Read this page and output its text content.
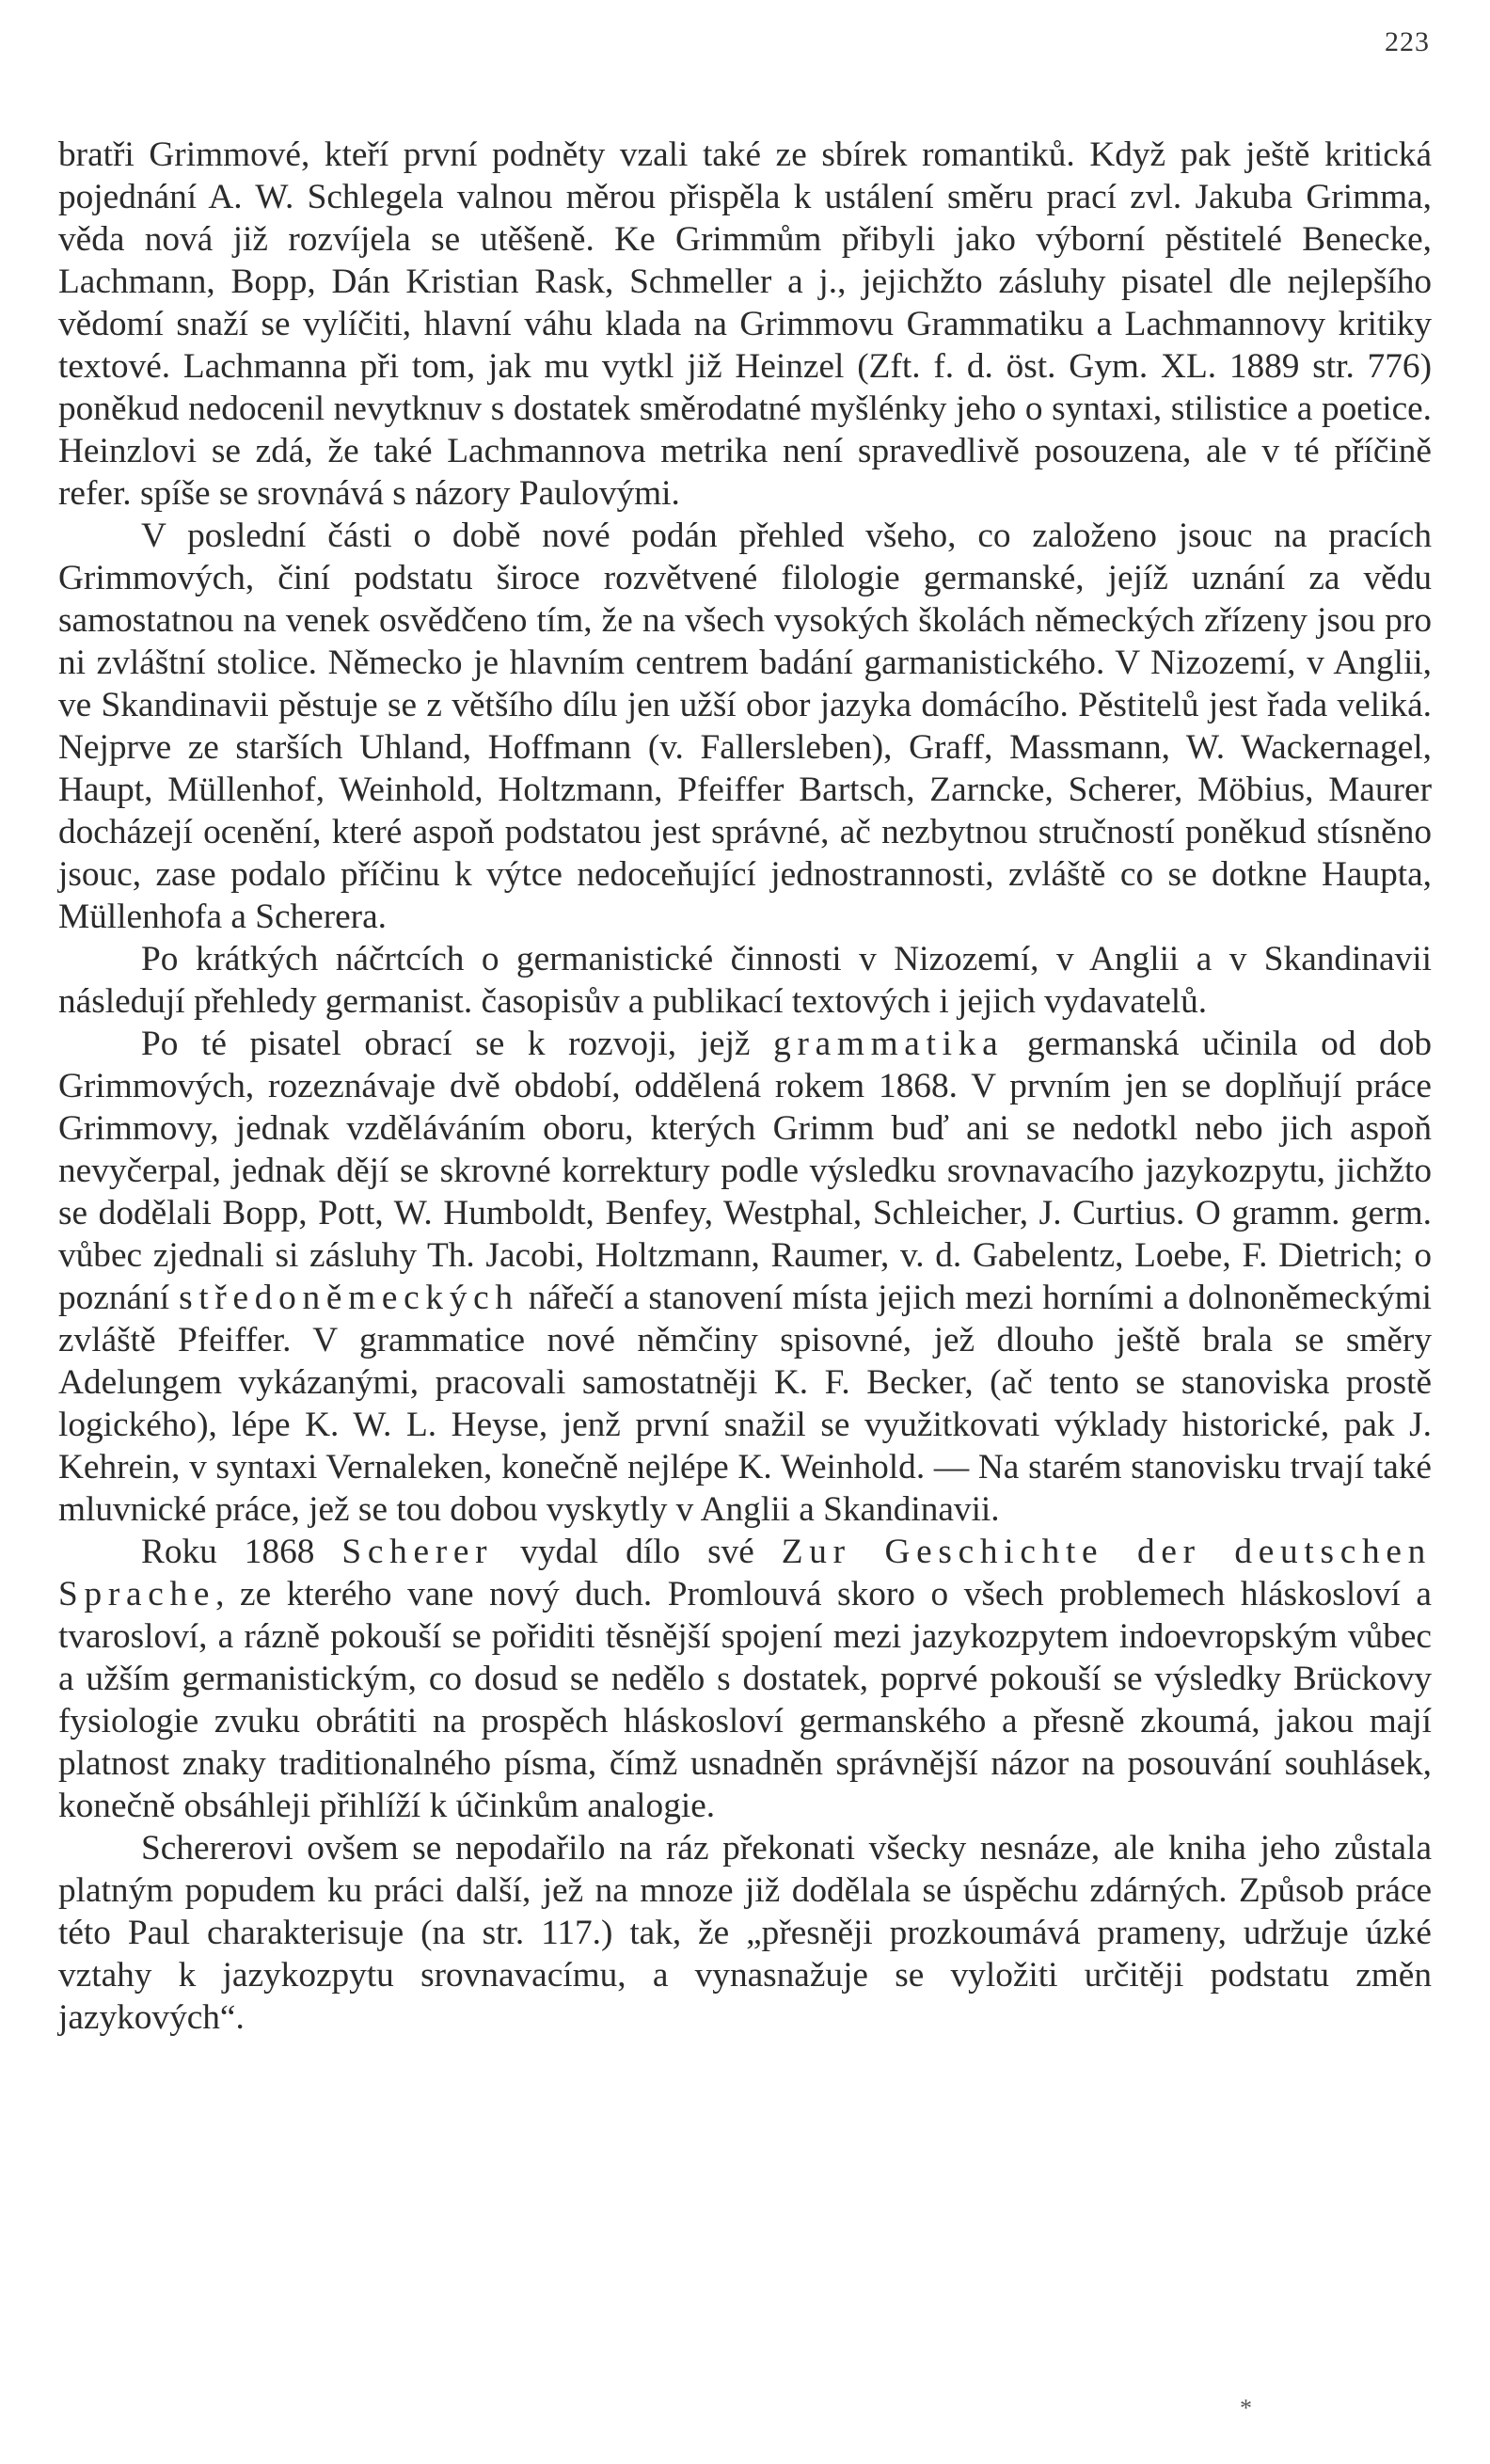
223

bratři Grimmové, kteří první podněty vzali také ze sbírek romantiků. Když pak ještě kritická pojednání A. W. Schlegela valnou měrou přispěla k ustálení směru prací zvl. Jakuba Grimma, věda nová již rozvíjela se utěšeně. Ke Grimmům přibyli jako výborní pěstitelé Benecke, Lachmann, Bopp, Dán Kristian Rask, Schmeller a j., jejichžto zásluhy pisatel dle nejlepšího vědomí snaží se vylíčiti, hlavní váhu klada na Grimmovu Grammatiku a Lachmannovy kritiky textové. Lachmanna při tom, jak mu vytkl již Heinzel (Zft. f. d. öst. Gym. XL. 1889 str. 776) poněkud nedocenil nevytknuv s dostatek směrodatné myšlénky jeho o syntaxi, stilistice a poetice. Heinzlovi se zdá, že také Lachmannova metrika není spravedlivě posouzena, ale v té příčině refer. spíše se srovnává s názory Paulovými.

V poslední části o době nové podán přehled všeho, co založeno jsouc na pracích Grimmových, činí podstatu široce rozvětvené filologie germanské, jejíž uznání za vědu samostatnou na venek osvědčeno tím, že na všech vysokých školách německých zřízeny jsou pro ni zvláštní stolice. Německo je hlavním centrem badání garmanistického. V Nizozemí, v Anglii, ve Skandinavii pěstuje se z většího dílu jen užší obor jazyka domácího. Pěstitelů jest řada veliká. Nejprve ze starších Uhland, Hoffmann (v. Fallersleben), Graff, Massmann, W. Wackernagel, Haupt, Müllenhof, Weinhold, Holtzmann, Pfeiffer Bartsch, Zarncke, Scherer, Möbius, Maurer docházejí ocenění, které aspoň podstatou jest správné, ač nezbytnou stručností poněkud stísněno jsouc, zase podalo příčinu k výtce nedoceňující jednostrannosti, zvláště co se dotkne Haupta, Müllenhofa a Scherera.

Po krátkých náčrtcích o germanistické činnosti v Nizozemí, v Anglii a v Skandinavii následují přehledy germanist. časopisův a publikací textových i jejich vydavatelů.

Po té pisatel obrací se k rozvoji, jejž grammatika germanská učinila od dob Grimmových, rozeznávaje dvě období, oddělená rokem 1868. V prvním jen se doplňují práce Grimmovy, jednak vzděláváním oboru, kterých Grimm buď ani se nedotkl nebo jich aspoň nevyčerpal, jednak dějí se skrovné korrektury podle výsledku srovnavacího jazykozpytu, jichžto se dodělali Bopp, Pott, W. Humboldt, Benfey, Westphal, Schleicher, J. Curtius. O gramm. germ. vůbec zjednali si zásluhy Th. Jacobi, Holtzmann, Raumer, v. d. Gabelentz, Loebe, F. Dietrich; o poznání středoněmeckých nářečí a stanovení místa jejich mezi horními a dolnoněmeckými zvláště Pfeiffer. V grammatice nové němčiny spisovné, jež dlouho ještě brala se směry Adelungem vykázanými, pracovali samostatněji K. F. Becker, (ač tento se stanoviska prostě logického), lépe K. W. L. Heyse, jenž první snažil se využitkovati výklady historické, pak J. Kehrein, v syntaxi Vernaleken, konečně nejlépe K. Weinhold. — Na starém stanovisku trvají také mluvnické práce, jež se tou dobou vyskytly v Anglii a Skandinavii.

Roku 1868 Scherer vydal dílo své Zur Geschichte der deutschen Sprache, ze kterého vane nový duch. Promlouvá skoro o všech problemech hláskosloví a tvarosloví, a rázně pokouší se pořiditi těsnější spojení mezi jazykozpytem indoevropským vůbec a užším germanistickým, co dosud se nedělo s dostatek, poprvé pokouší se výsledky Brückovy fysiologie zvuku obrátiti na prospěch hláskosloví germanského a přesně zkoumá, jakou mají platnost znaky traditionalného písma, čímž usnadněn správnější názor na posouvání souhlásek, konečně obsáhleji přihlíží k účinkům analogie.

Schererovi ovšem se nepodařilo na ráz překonati všecky nesnáze, ale kniha jeho zůstala platným popudem ku práci další, jež na mnoze již dodělala se úspěchu zdárných. Způsob práce této Paul charakterisuje (na str. 117.) tak, že „přesněji prozkoumává prameny, udržuje úzké vztahy k jazykozpytu srovnavacímu, a vynasnažuje se vyložiti určitěji podstatu změn jazykových“.

*
